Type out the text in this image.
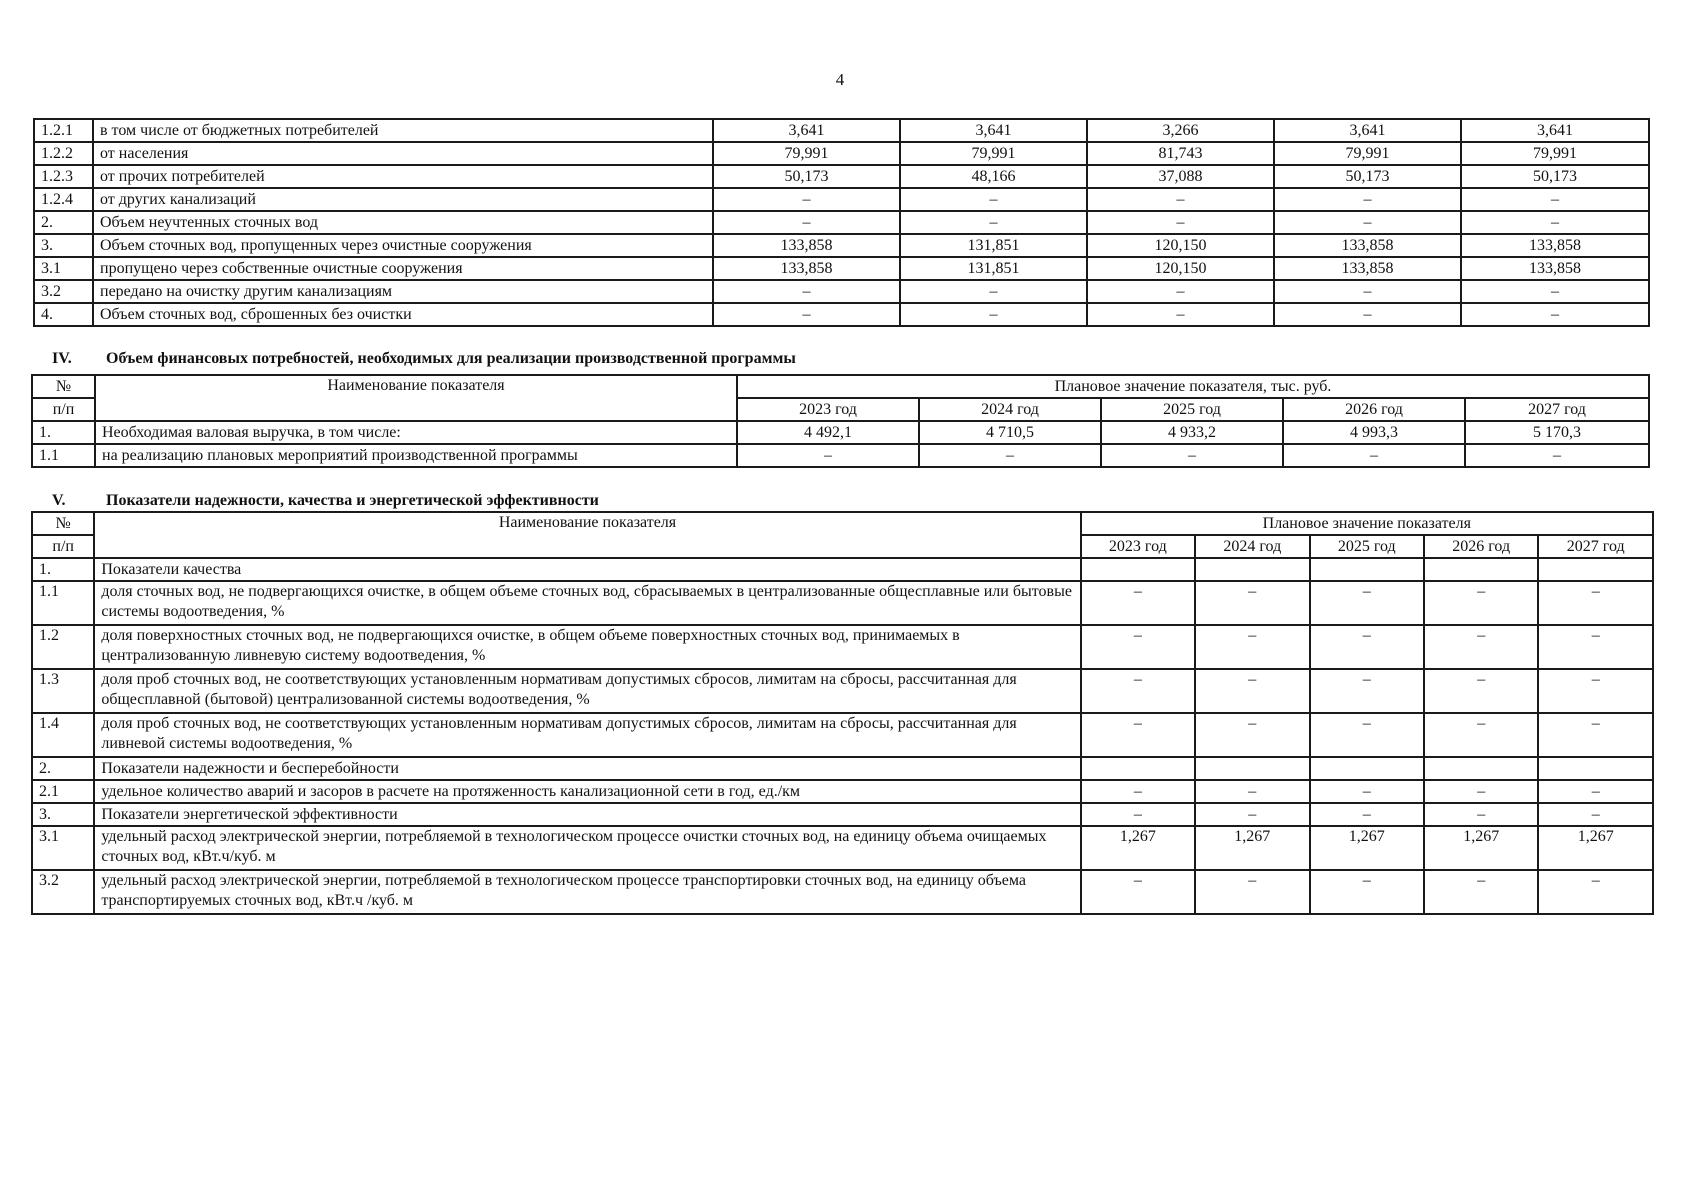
4
1.2.1	в том числе от бюджетных потребителей	3,641	3,641	3,266	3,641	3,641
1.2.2	от населения	79,991	79,991	81,743	79,991	79,991
1.2.3	от прочих потребителей	50,173	48,166	37,088	50,173	50,173
1.2.4	от других канализаций	–	–	–	–	–
2.	Объем неучтенных сточных вод	–	–	–	–	–
3.	Объем сточных вод, пропущенных через очистные сооружения	133,858	131,851	120,150	133,858	133,858
3.1	пропущено через собственные очистные сооружения	133,858	131,851	120,150	133,858	133,858
3.2	передано на очистку другим канализациям	–	–	–	–	–
4.	Объем сточных вод, сброшенных без очистки	–	–	–	–	–
IV. Объем финансовых потребностей, необходимых для реализации производственной программы
№	Наименование показателя	Плановое значение показателя, тыс. руб.				
п/п		2023 год	2024 год	2025 год	2026 год	2027 год
1.	Необходимая валовая выручка, в том числе:	4 492,1	4 710,5	4 933,2	4 993,3	5 170,3
1.1	на реализацию плановых мероприятий производственной программы	–	–	–	–	–
V.	Показатели надежности, качества и энергетической эффективности
№	Наименование показателя	Плановое значение показателя				
п/п		2023 год	2024 год	2025 год	2026 год	2027 год
1.	Показатели качества					
1.1	доля сточных вод, не подвергающихся очистке, в общем объеме сточных вод, сбрасываемых в централизованные общесплавные или бытовые системы водоотведения, %	–	–	–	–	–
1.2	доля поверхностных сточных вод, не подвергающихся очистке, в общем объеме поверхностных сточных вод, принимаемых в централизованную ливневую систему водоотведения, %	–	–	–	–	–
1.3	доля проб сточных вод, не соответствующих установленным нормативам допустимых сбросов, лимитам на сбросы, рассчитанная для общесплавной (бытовой) централизованной системы водоотведения, %	–	–	–	–	–
1.4	доля проб сточных вод, не соответствующих установленным нормативам допустимых сбросов, лимитам на сбросы, рассчитанная для ливневой системы водоотведения, %	–	–	–	–	–
2.	Показатели надежности и бесперебойности					
2.1	удельное количество аварий и засоров в расчете на протяженность канализационной сети в год, ед./км	–	–	–	–	–
3.	Показатели энергетической эффективности	–	–	–	–	–
3.1	удельный расход электрической энергии, потребляемой в технологическом процессе очистки сточных вод, на единицу объема очищаемых сточных вод, кВт.ч/куб. м	1,267	1,267	1,267	1,267	1,267
3.2	удельный расход электрической энергии, потребляемой в технологическом процессе транспортировки сточных вод, на единицу объема транспортируемых сточных вод, кВт.ч /куб. м	–	–	–	–	–
